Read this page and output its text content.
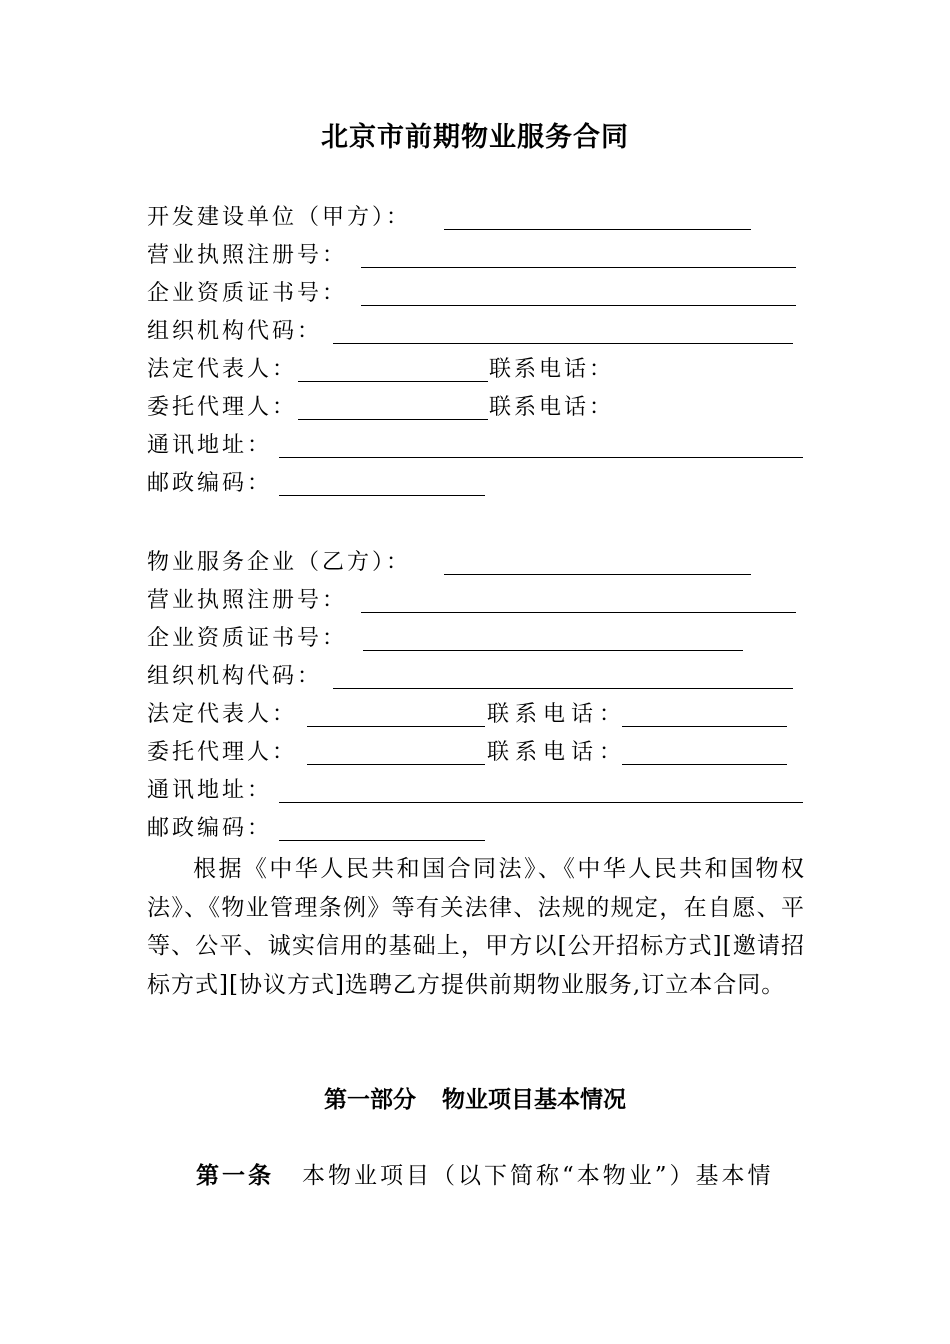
北京市前期物业服务合同
开发建设单位（甲方）：
营业执照注册号：
企业资质证书号：
组织机构代码：
法定代表人：	联系电话：
委托代理人：	联系电话：
通讯地址：
邮政编码：
物业服务企业（乙方）：
营业执照注册号：
企业资质证书号：
组织机构代码：
法定代表人：	联系电话：
委托代理人：	联系电话：
通讯地址：
邮政编码：
根据《中华人民共和国合同法》、《中华人民共和国物权法》、《物业管理条例》等有关法律、法规的规定，在自愿、平等、公平、诚实信用的基础上，甲方以[公开招标方式][邀请招标方式][协议方式]选聘乙方提供前期物业服务,订立本合同。
第一部分 物业项目基本情况
第一条 本物业项目（以下简称“本物业”）基本情
